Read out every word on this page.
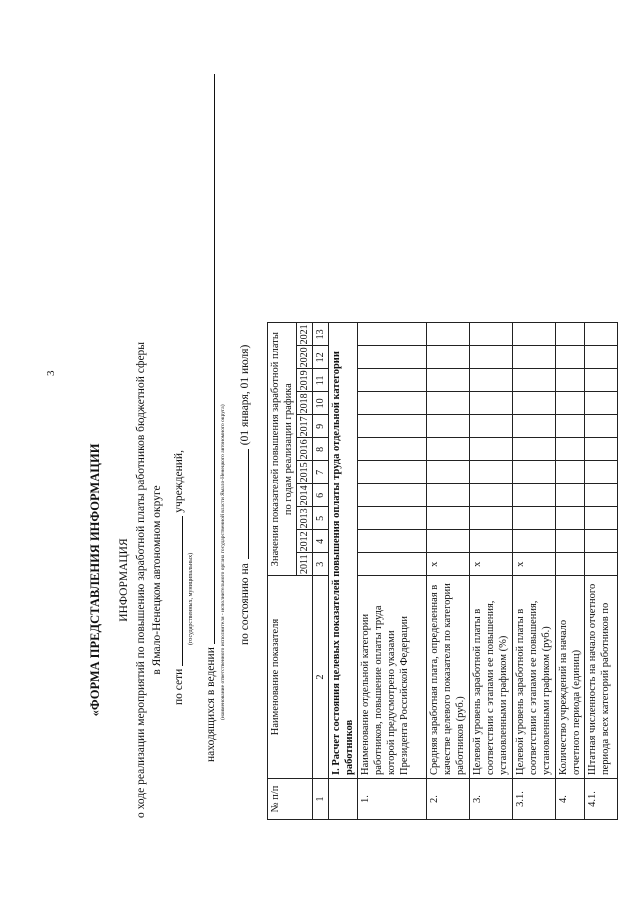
3
«ФОРМА ПРЕДСТАВЛЕНИЯ ИНФОРМАЦИИ ИНФОРМАЦИЯ о ходе реализации мероприятий по повышению заработной платы работников бюджетной сферы в Ямало-Ненецком автономном округе
по сетиучреждений,
(государственных, муниципальных)
находящихся в ведении (наименование ответственного исполнителя - исполнительного органа государственной власти Ямало-Ненецкого автономного округа) по состоянию на(01 января, 01 июля)
№ п/п	Наименование показателя	Значения показателей повышения заработной платы по годам реализации графика										
		2011	2012	2013	2014	2015	2016	2017	2018	2019	2020	2021
1	2	3	4	5	6	7	8	9	10	11	12	13
	I. Расчет состояния целевых показателей повышения оплаты труда отдельной категории работников											
1.	Наименование отдельной категории работников, повышение оплаты труда которой предусмотрено указами Президента Российской Федерации											
2.	Средняя заработная плата, определенная в качестве целевого показателя по категории работников (руб.)	х										
3.	Целевой уровень заработной платы в соответствии с этапами ее повышения, установленными графиком (%)	х										
3.1.	Целевой уровень заработной платы в соответствии с этапами ее повышения, установленными графиком (руб.)	х										
4.	Количество учреждений на начало отчетного периода (единиц)											
4.1.	Штатная численность на начало отчетного периода всех категорий работников по											
